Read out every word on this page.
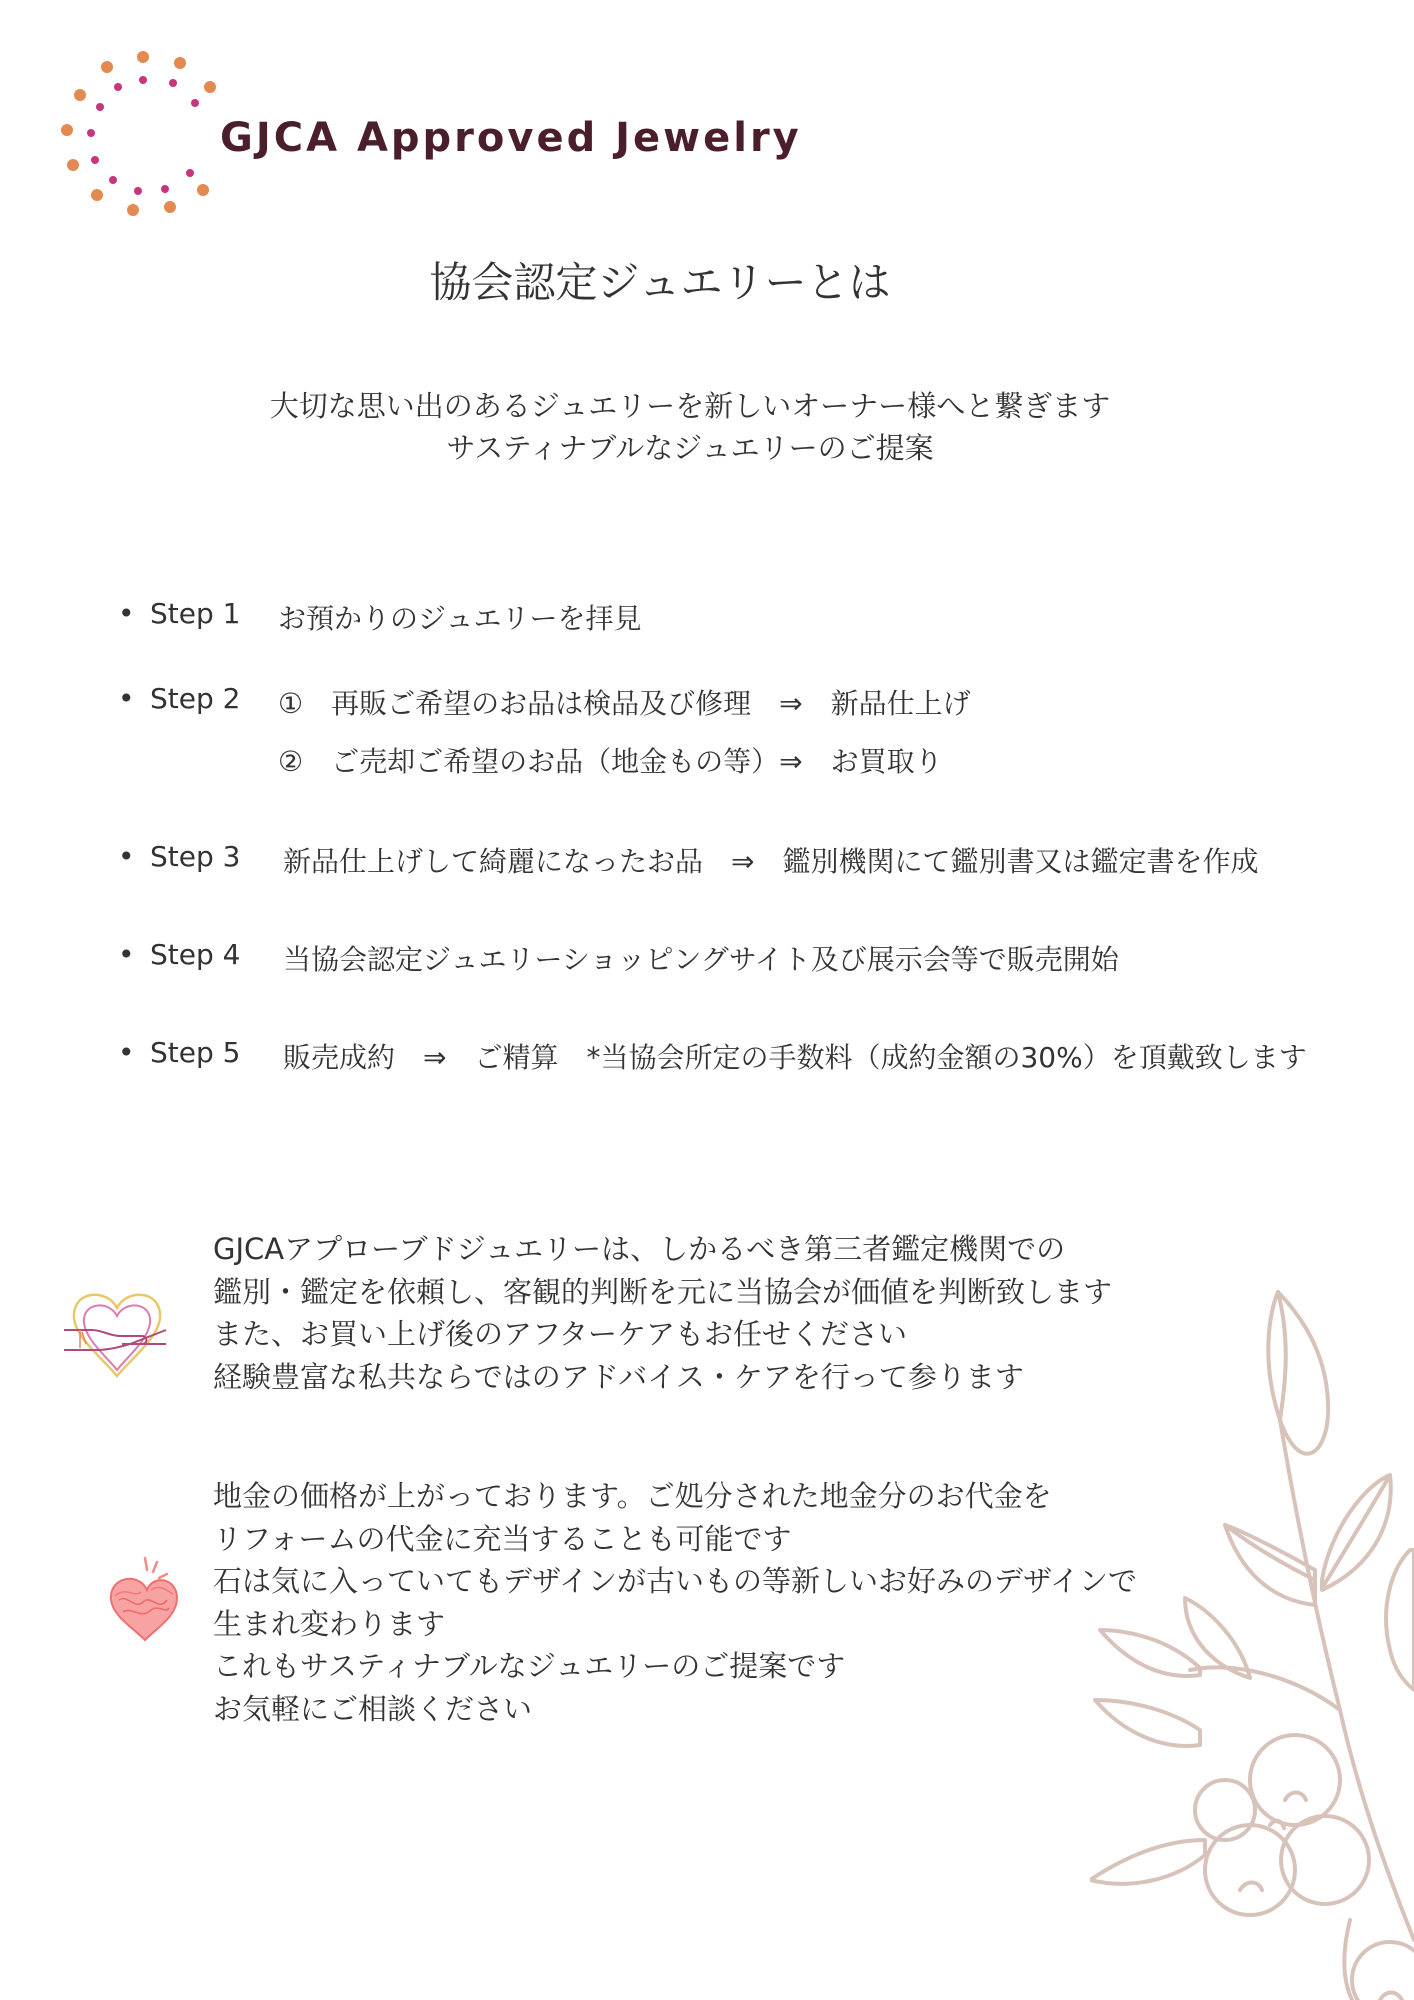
GJCA Approved Jewelry
協会認定ジュエリーとは
大切な思い出のあるジュエリーを新しいオーナー様へと繋ぎます
サスティナブルなジュエリーのご提案
• Step 1 お預かりのジュエリーを拝見
• Step 2 ①　再販ご希望のお品は検品及び修理　⇒　新品仕上げ
②　ご売却ご希望のお品（地金もの等）⇒　お買取り
• Step 3 新品仕上げして綺麗になったお品　⇒　鑑別機関にて鑑別書又は鑑定書を作成
• Step 4 当協会認定ジュエリーショッピングサイト及び展示会等で販売開始
• Step 5 販売成約　⇒　ご精算　*当協会所定の手数料（成約金額の30%）を頂戴致します
GJCAアプローブドジュエリーは、しかるべき第三者鑑定機関での
鑑別・鑑定を依頼し、客観的判断を元に当協会が価値を判断致します
また、お買い上げ後のアフターケアもお任せください
経験豊富な私共ならではのアドバイス・ケアを行って参ります
地金の価格が上がっております。ご処分された地金分のお代金を
リフォームの代金に充当することも可能です
石は気に入っていてもデザインが古いもの等新しいお好みのデザインで
生まれ変わります
これもサスティナブルなジュエリーのご提案です
お気軽にご相談ください
